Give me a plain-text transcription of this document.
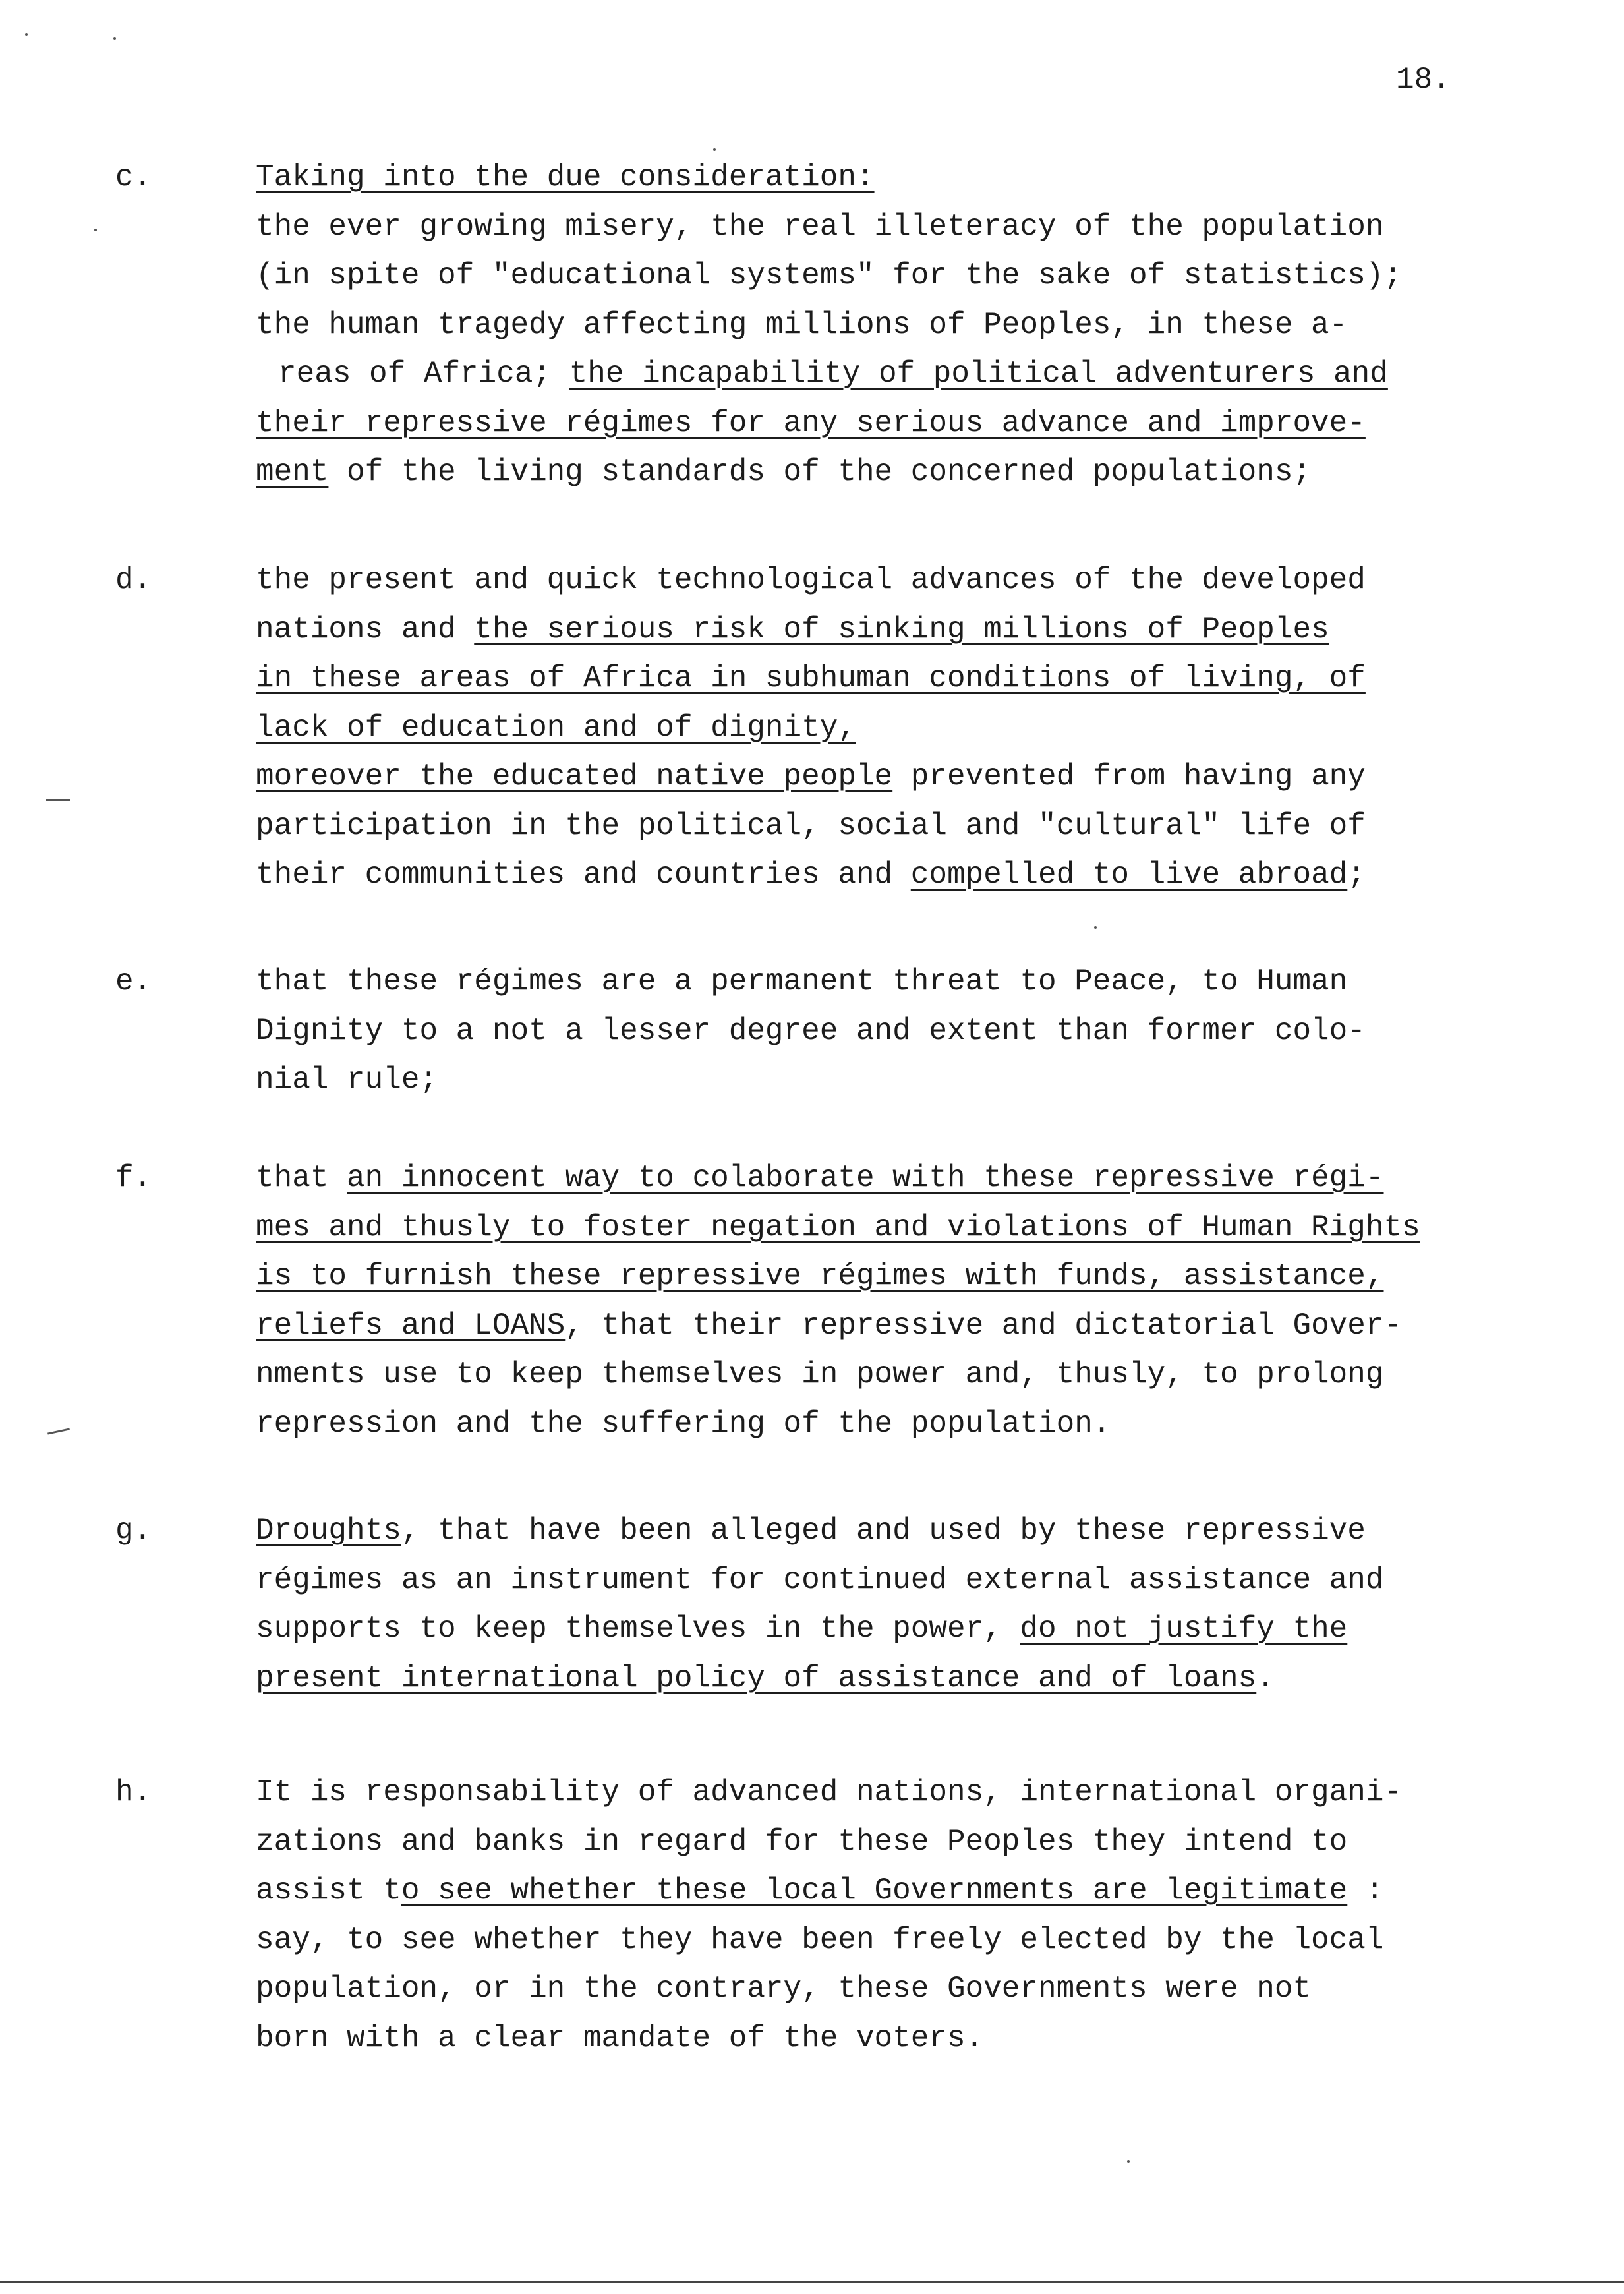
18.
c.	Taking into the due consideration:
the ever growing misery, the real illeteracy of the population
(in spite of "educational systems" for the sake of statistics);
the human tragedy affecting millions of Peoples, in these a-
reas of Africa; the incapability of political adventurers and
their repressive régimes for any serious advance and improve-
ment of the living standards of the concerned populations;
d.	the present and quick technological advances of the developed
nations and the serious risk of sinking millions of Peoples
in these areas of Africa in subhuman conditions of living, of
lack of education and of dignity,
moreover the educated native people prevented from having any
participation in the political, social and "cultural" life of
their communities and countries and compelled to live abroad;
e.	that these régimes are a permanent threat to Peace, to Human
Dignity to a not a lesser degree and extent than former colo-
nial rule;
f.	that an innocent way to colaborate with these repressive régi-
mes and thusly to foster negation and violations of Human Rights
is to furnish these repressive régimes with funds, assistance,
reliefs and LOANS, that their repressive and dictatorial Gover-
nments use to keep themselves in power and, thusly, to prolong
repression and the suffering of the population.
g.	Droughts, that have been alleged and used by these repressive
régimes as an instrument for continued external assistance and
supports to keep themselves in the power, do not justify the
present international policy of assistance and of loans.
h.	It is responsability of advanced nations, international organi-
zations and banks in regard for these Peoples they intend to
assist to see whether these local Governments are legitimate :
say, to see whether they have been freely elected by the local
population, or in the contrary, these Governments were not
born with a clear mandate of the voters.
